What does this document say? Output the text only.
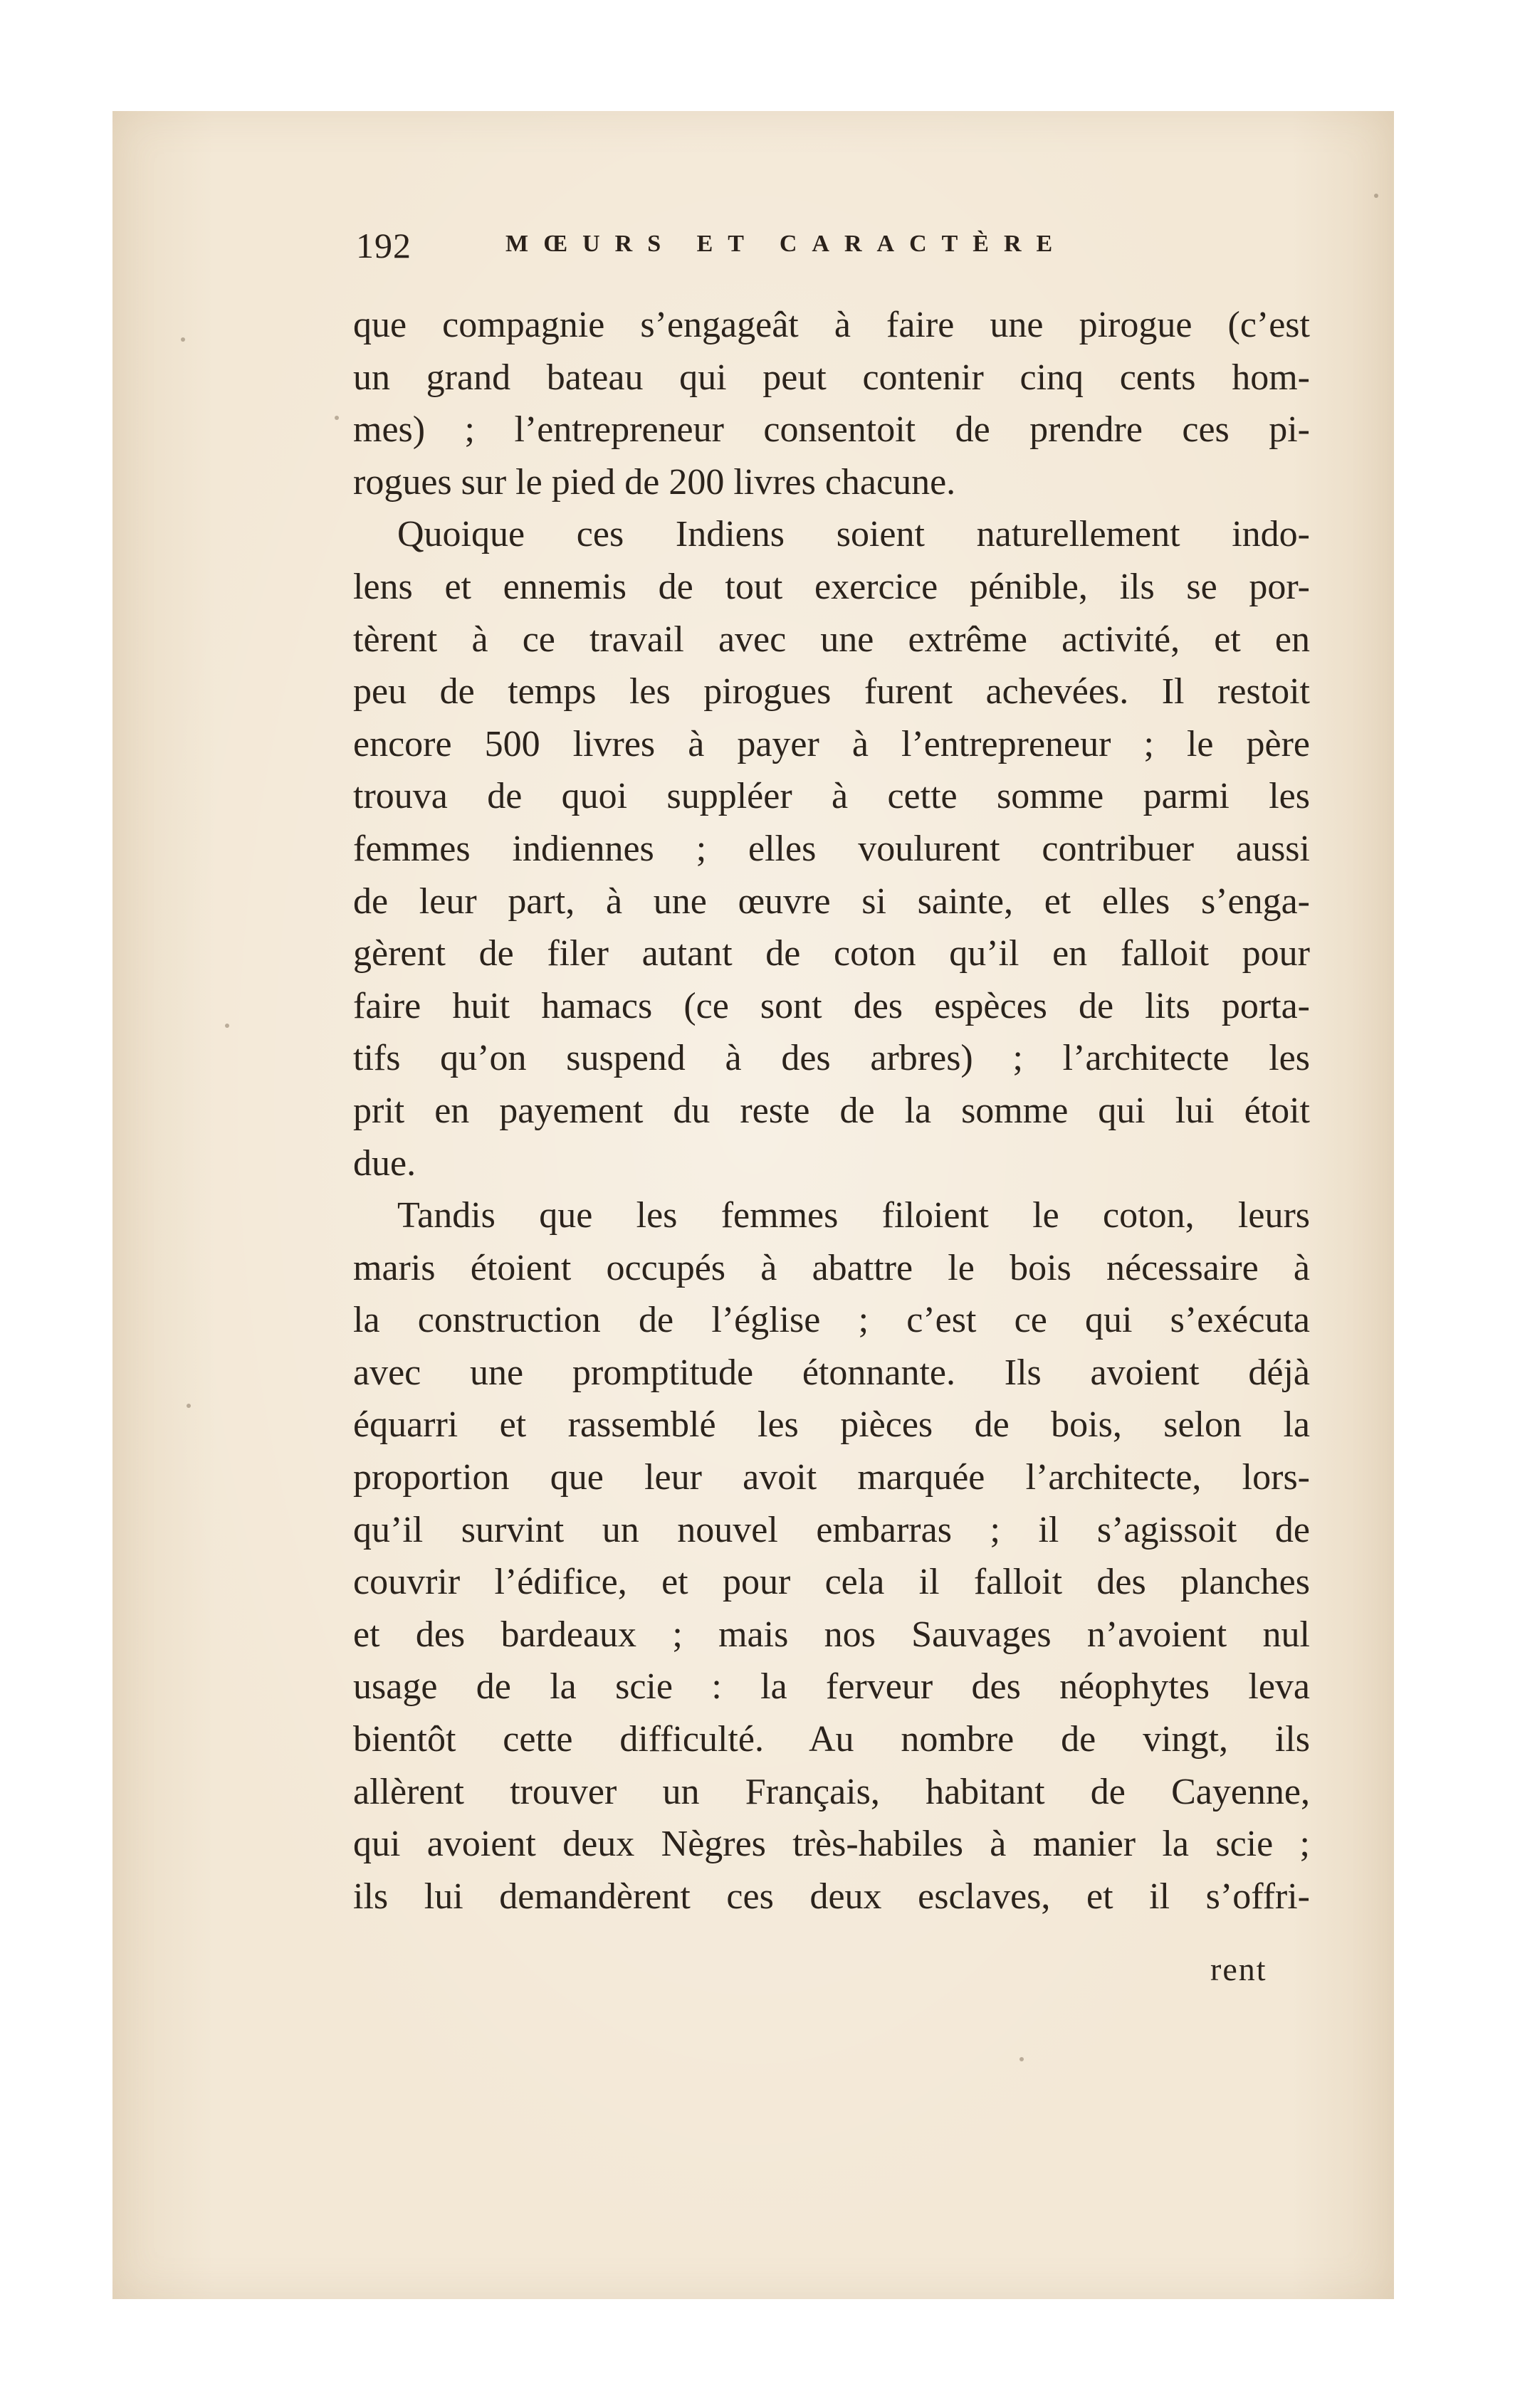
192	MŒURS ET CARACTÈRE
que compagnie s’engageât à faire une pirogue (c’est
un grand bateau qui peut contenir cinq cents hom-
mes) ; l’entrepreneur consentoit de prendre ces pi-
rogues sur le pied de 200 livres chacune.
Quoique ces Indiens soient naturellement indo-
lens et ennemis de tout exercice pénible, ils se por-
tèrent à ce travail avec une extrême activité, et en
peu de temps les pirogues furent achevées. Il restoit
encore 500 livres à payer à l’entrepreneur ; le père
trouva de quoi suppléer à cette somme parmi les
femmes indiennes ; elles voulurent contribuer aussi
de leur part, à une œuvre si sainte, et elles s’enga-
gèrent de filer autant de coton qu’il en falloit pour
faire huit hamacs (ce sont des espèces de lits porta-
tifs qu’on suspend à des arbres) ; l’architecte les
prit en payement du reste de la somme qui lui étoit
due.
Tandis que les femmes filoient le coton, leurs
maris étoient occupés à abattre le bois nécessaire à
la construction de l’église ; c’est ce qui s’exécuta
avec une promptitude étonnante. Ils avoient déjà
équarri et rassemblé les pièces de bois, selon la
proportion que leur avoit marquée l’architecte, lors-
qu’il survint un nouvel embarras ; il s’agissoit de
couvrir l’édifice, et pour cela il falloit des planches
et des bardeaux ; mais nos Sauvages n’avoient nul
usage de la scie : la ferveur des néophytes leva
bientôt cette difficulté. Au nombre de vingt, ils
allèrent trouver un Français, habitant de Cayenne,
qui avoient deux Nègres très-habiles à manier la scie ;
ils lui demandèrent ces deux esclaves, et il s’offri-
rent
